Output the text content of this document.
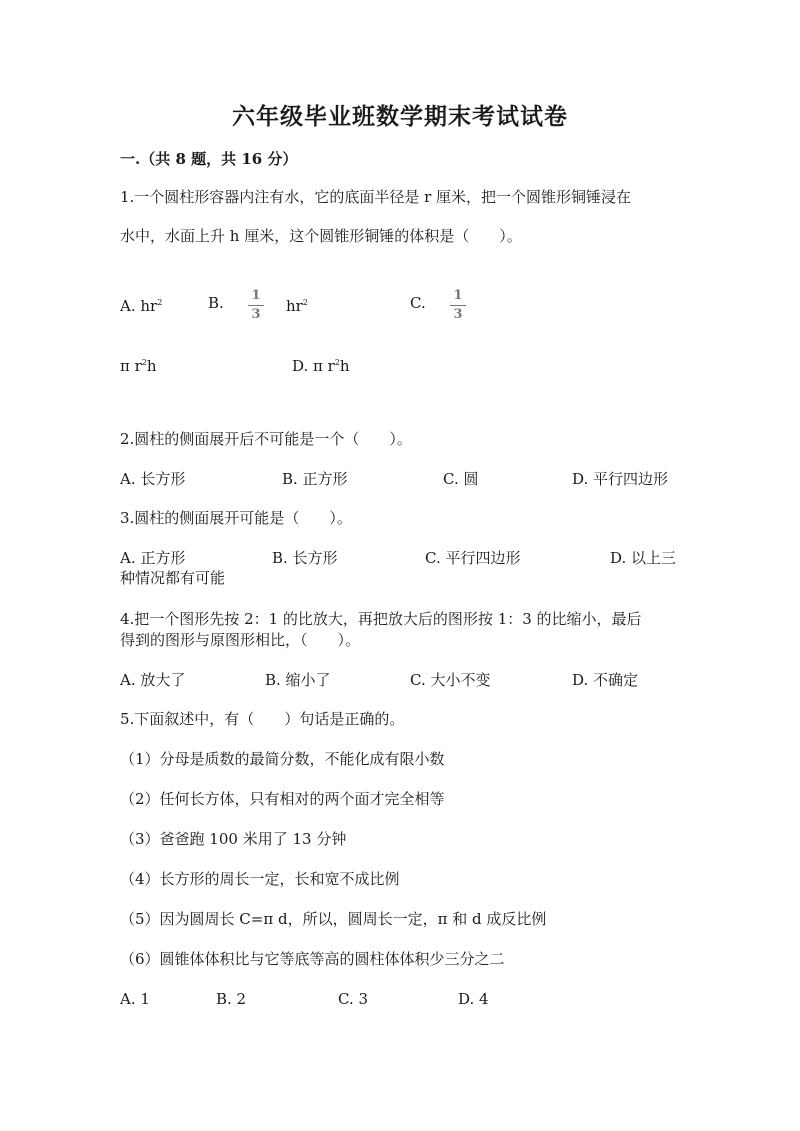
六年级毕业班数学期末考试试卷
一.（共 8 题，共 16 分）
1.一个圆柱形容器内注有水，它的底面半径是 r 厘米，把一个圆锥形铜锤浸在
水中，水面上升 h 厘米，这个圆锥形铜锤的体积是（　　）。
A. $hr^2$	B. 1
3 $hr^2$	C. 1
3
π $r^2h$	D. π $r^2h$
2.圆柱的侧面展开后不可能是一个（　　）。
A. 长方形	B. 正方形	C. 圆	D. 平行四边形
3.圆柱的侧面展开可能是（　　）。
A. 正方形	B. 长方形	C. 平行四边形	D. 以上三
种情况都有可能
4.把一个图形先按 2：1 的比放大，再把放大后的图形按 1：3 的比缩小，最后
得到的图形与原图形相比，（　　）。
A. 放大了	B. 缩小了	C. 大小不变	D. 不确定
5.下面叙述中，有（　　）句话是正确的。
（1）分母是质数的最简分数，不能化成有限小数
（2）任何长方体，只有相对的两个面才完全相等
（3）爸爸跑 100 米用了 13 分钟
（4）长方形的周长一定，长和宽不成比例
（5）因为圆周长 C=π d，所以，圆周长一定，π 和 d 成反比例
（6）圆锥体体积比与它等底等高的圆柱体体积少三分之二
A. 1	B. 2	C. 3	D. 4
